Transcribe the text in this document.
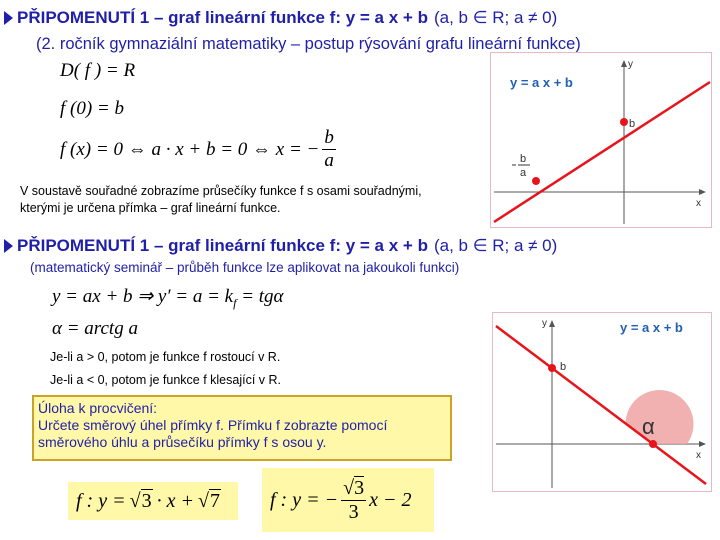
PŘIPOMENUTÍ 1 – graf lineární funkce f: y = a x + b (a, b ∈ R; a ≠ 0)
(2. ročník gymnaziální matematiky – postup rýsování grafu lineární funkce)
D( f ) = R
f (0) = b
f (x) = 0 ⇔ a · x + b = 0 ⇔ x = − $\frac{b}{a}$
V soustavě souřadné zobrazíme průsečíky funkce f s osami souřadnými, kterými je určena přímka – graf lineární funkce.
y = a x + b
y
x
b
b
a
PŘIPOMENUTÍ 1 – graf lineární funkce f: y = a x + b (a, b ∈ R; a ≠ 0)
(matematický seminář – průběh funkce lze aplikovat na jakoukoli funkci)
y = ax + b ⇒ $y' = a = k_f = tg\alpha$
α = arctg a
Je-li a > 0, potom je funkce f rostoucí v R.
Je-li a < 0, potom je funkce f klesající v R.
y = a x + b
y
x
b
α
Úloha k procvičení:
Určete směrový úhel přímky f. Přímku f zobrazte pomocí směrového úhlu a průsečíku přímky f s osou y.
f : y = √3 · x + √7	f : y = − $\frac{√3}{3}$ x − 2
